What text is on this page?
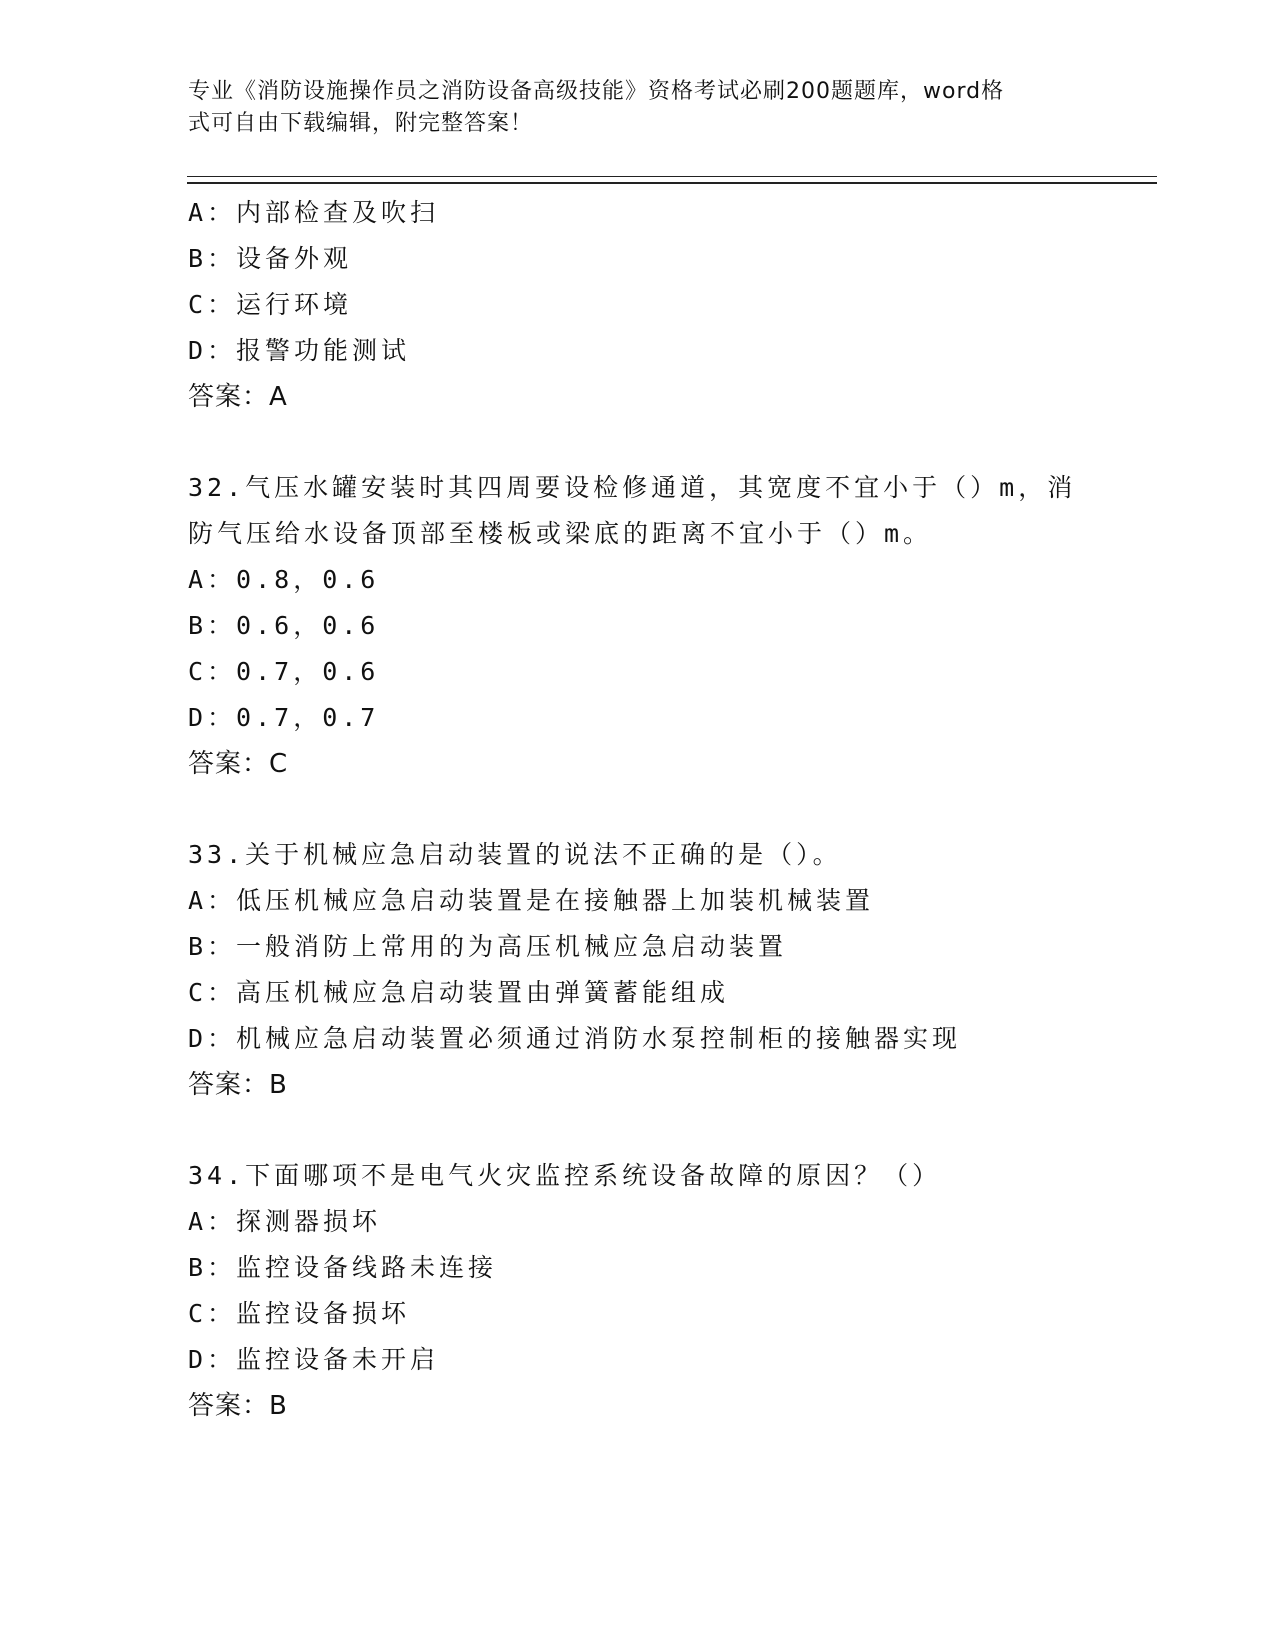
专业《消防设施操作员之消防设备高级技能》资格考试必刷200题题库，word格
式可自由下载编辑，附完整答案！
A：内部检查及吹扫
B：设备外观
C：运行环境
D：报警功能测试
答案：A
32.气压水罐安装时其四周要设检修通道，其宽度不宜小于（）m，消
防气压给水设备顶部至楼板或梁底的距离不宜小于（）m。
A：0.8，0.6
B：0.6，0.6
C：0.7，0.6
D：0.7，0.7
答案：C
33.关于机械应急启动装置的说法不正确的是（）。
A：低压机械应急启动装置是在接触器上加装机械装置
B：一般消防上常用的为高压机械应急启动装置
C：高压机械应急启动装置由弹簧蓄能组成
D：机械应急启动装置必须通过消防水泵控制柜的接触器实现
答案：B
34.下面哪项不是电气火灾监控系统设备故障的原因？（）
A：探测器损坏
B：监控设备线路未连接
C：监控设备损坏
D：监控设备未开启
答案：B
